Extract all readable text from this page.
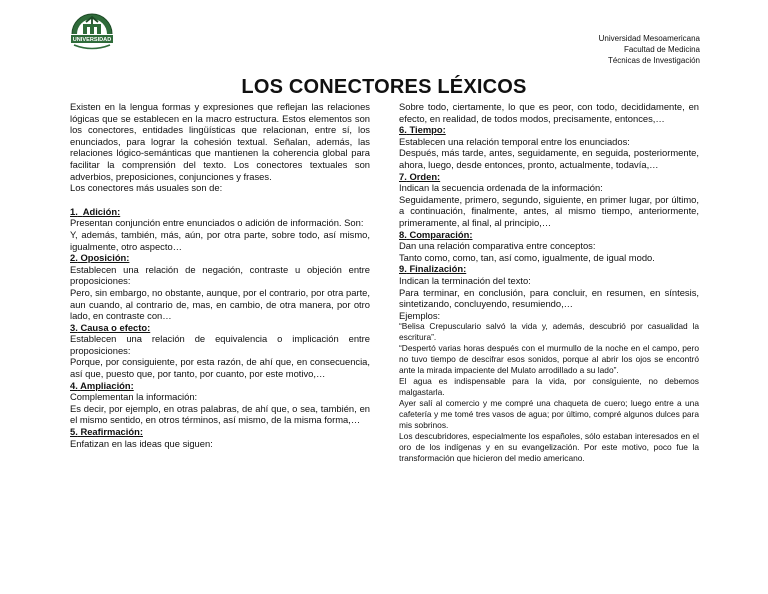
UNIVERSIDAD	Universidad Mesoamericana
Facultad de Medicina
Técnicas de Investigación
LOS CONECTORES LÉXICOS

Existen en la lengua formas y expresiones que reflejan las relaciones lógicas que se establecen en la macro estructura. Estos elementos son los conectores, entidades lingüísticas que relacionan, entre sí, los enunciados, para lograr la cohesión textual. Señalan, además, las relaciones lógico-semánticas que mantienen la coherencia global para facilitar la comprensión del texto. Los conectores textuales son adverbios, preposiciones, conjunciones y frases.

Los conectores más usuales son de:

1. Adición:

Presentan conjunción entre enunciados o adición de información. Son:

Y, además, también, más, aún, por otra parte, sobre todo, así mismo, igualmente, otro aspecto…

2. Oposición:

Establecen una relación de negación, contraste u objeción entre proposiciones:

Pero, sin embargo, no obstante, aunque, por el contrario, por otra parte, aun cuando, al contrario de, mas, en cambio, de otra manera, por otro lado, en contraste con…

3. Causa o efecto:

Establecen una relación de equivalencia o implicación entre proposiciones:

Porque, por consiguiente, por esta razón, de ahí que, en consecuencia, así que, puesto que, por tanto, por cuanto, por este motivo,…

4. Ampliación:

Complementan la información:

Es decir, por ejemplo, en otras palabras, de ahí que, o sea, también, en el mismo sentido, en otros términos, así mismo, de la misma forma,…

5. Reafirmación:

Enfatizan en las ideas que siguen:

Sobre todo, ciertamente, lo que es peor, con todo, decididamente, en efecto, en realidad, de todos modos, precisamente, entonces,…

6. Tiempo:

Establecen una relación temporal entre los enunciados:

Después, más tarde, antes, seguidamente, en seguida, posteriormente, ahora, luego, desde entonces, pronto, actualmente, todavía,…

7. Orden:

Indican la secuencia ordenada de la información:

Seguidamente, primero, segundo, siguiente, en primer lugar, por último, a continuación, finalmente, antes, al mismo tiempo, anteriormente, primeramente, al final, al principio,…

8. Comparación:

Dan una relación comparativa entre conceptos:

Tanto como, como, tan, así como, igualmente, de igual modo.

9. Finalización:

Indican la terminación del texto:

Para terminar, en conclusión, para concluir, en resumen, en síntesis, sintetizando, concluyendo, resumiendo,…

Ejemplos:

“Belisa Crepusculario salvó la vida y, además, descubrió por casualidad la escritura”.

“Despertó varias horas después con el murmullo de la noche en el campo, pero no tuvo tiempo de descifrar esos sonidos, porque al abrir los ojos se encontró ante la mirada impaciente del Mulato arrodillado a su lado”.

El agua es indispensable para la vida, por consiguiente, no debemos malgastarla.

Ayer salí al comercio y me compré una chaqueta de cuero; luego entre a una cafetería y me tomé tres vasos de agua; por último, compré algunos dulces para mis sobrinos.

Los descubridores, especialmente los españoles, sólo estaban interesados en el oro de los indígenas y en su evangelización. Por este motivo, poco fue la transformación que hicieron del medio americano.
